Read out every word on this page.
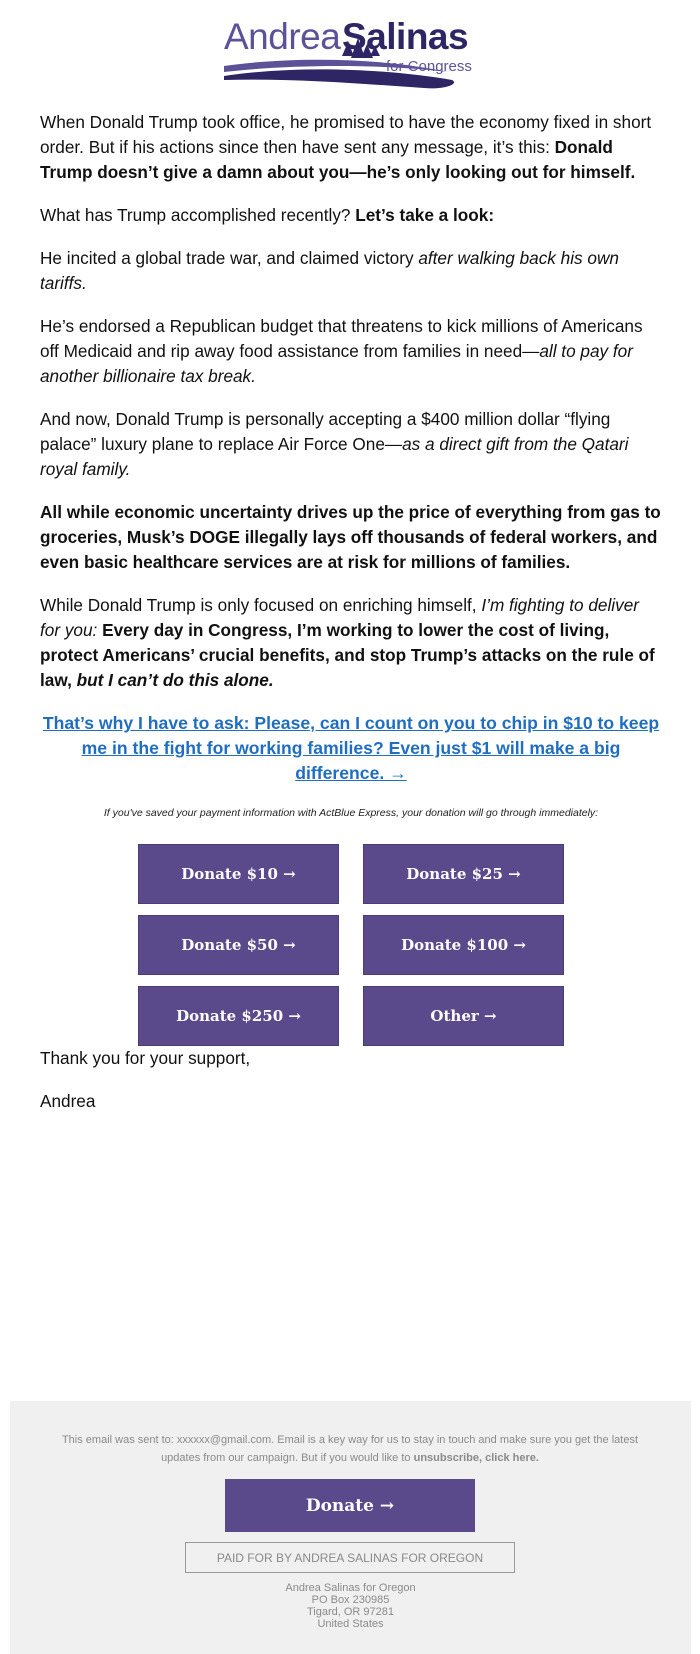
Andrea Salinas
for Congress

When Donald Trump took office, he promised to have the economy fixed in short order. But if his actions since then have sent any message, it’s this: Donald Trump doesn’t give a damn about you—he’s only looking out for himself.

What has Trump accomplished recently? Let’s take a look:

He incited a global trade war, and claimed victory after walking back his own tariffs.

He’s endorsed a Republican budget that threatens to kick millions of Americans off Medicaid and rip away food assistance from families in need—all to pay for another billionaire tax break.

And now, Donald Trump is personally accepting a $400 million dollar “flying palace” luxury plane to replace Air Force One—as a direct gift from the Qatari royal family.

All while economic uncertainty drives up the price of everything from gas to groceries, Musk’s DOGE illegally lays off thousands of federal workers, and even basic healthcare services are at risk for millions of families.

While Donald Trump is only focused on enriching himself, I’m fighting to deliver for you: Every day in Congress, I’m working to lower the cost of living, protect Americans’ crucial benefits, and stop Trump’s attacks on the rule of law, but I can’t do this alone.

That’s why I have to ask: Please, can I count on you to chip in $10 to keep me in the fight for working families? Even just $1 will make a big difference. →

If you've saved your payment information with ActBlue Express, your donation will go through immediately:

Donate $10 →	Donate $25 →
Donate $50 →	Donate $100 →
Donate $250 →	Other →

Thank you for your support,

Andrea

This email was sent to: xxxxxx@gmail.com. Email is a key way for us to stay in touch and make sure you get the latest updates from our campaign. But if you would like to unsubscribe, click here.
Donate →
PAID FOR BY ANDREA SALINAS FOR OREGON
Andrea Salinas for Oregon
PO Box 230985
Tigard, OR 97281
United States
